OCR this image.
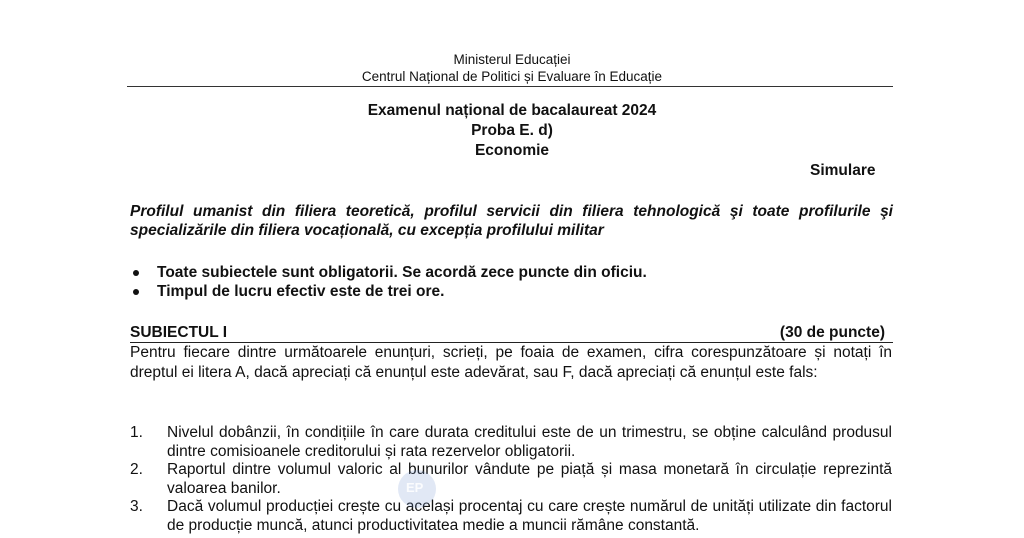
Ministerul Educației
Centrul Național de Politici și Evaluare în Educație
Examenul național de bacalaureat 2024
Proba E. d)
Economie
Simulare
Profilul umanist din filiera teoretică, profilul servicii din filiera tehnologică şi toate profilurile şi specializările din filiera vocațională, cu excepția profilului militar
Toate subiectele sunt obligatorii. Se acordă zece puncte din oficiu.
Timpul de lucru efectiv este de trei ore.
SUBIECTUL I	(30 de puncte)
Pentru fiecare dintre următoarele enunțuri, scrieți, pe foaia de examen, cifra corespunzătoare și notați în dreptul ei litera A, dacă apreciați că enunțul este adevărat, sau F, dacă apreciați că enunțul este fals:
1. Nivelul dobânzii, în condițiile în care durata creditului este de un trimestru, se obține calculând produsul dintre comisioanele creditorului și rata rezervelor obligatorii.
2. Raportul dintre volumul valoric al bunurilor vândute pe piață și masa monetară în circulație reprezintă valoarea banilor.
3. Dacă volumul producției crește cu același procentaj cu care crește numărul de unități utilizate din factorul de producție muncă, atunci productivitatea medie a muncii rămâne constantă.
EP
